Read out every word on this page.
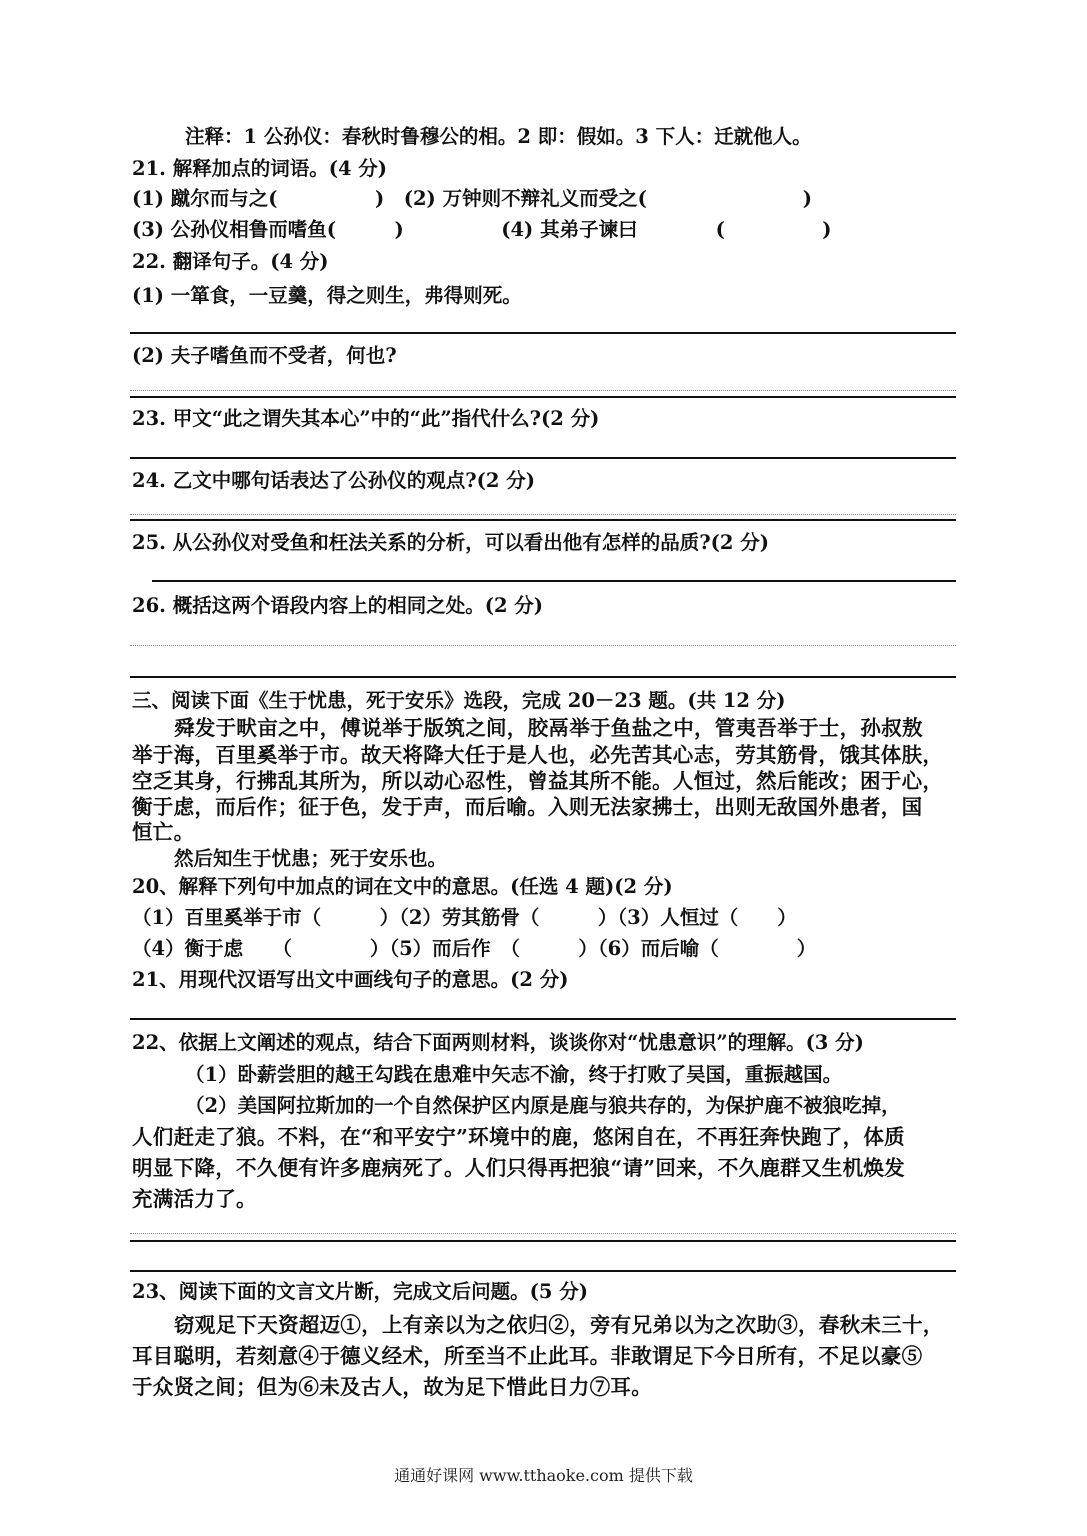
注释：1 公孙仪：春秋时鲁穆公的相。2 即：假如。3 下人：迁就他人。
21. 解释加点的词语。(4 分)
(1) 蹴尔而与之(　　　　　)　(2) 万钟则不辩礼义而受之(　　　　　　　　)
(3) 公孙仪相鲁而嗜鱼(　　　)　　　　　(4) 其弟子谏曰　　　　(　　　　　)
22. 翻译句子。(4 分)
(1) 一箪食，一豆羹，得之则生，弗得则死。
(2) 夫子嗜鱼而不受者，何也?
23. 甲文“此之谓失其本心”中的“此”指代什么?(2 分)
24. 乙文中哪句话表达了公孙仪的观点?(2 分)
25. 从公孙仪对受鱼和枉法关系的分析，可以看出他有怎样的品质?(2 分)
26. 概括这两个语段内容上的相同之处。(2 分)
三、阅读下面《生于忧患，死于安乐》选段，完成 20－23 题。(共 12 分)
舜发于畎亩之中，傅说举于版筑之间，胶鬲举于鱼盐之中，管夷吾举于士，孙叔敖
举于海，百里奚举于市。故天将降大任于是人也，必先苦其心志，劳其筋骨，饿其体肤，
空乏其身，行拂乱其所为，所以动心忍性，曾益其所不能。人恒过，然后能改；困于心，
衡于虑，而后作；征于色，发于声，而后喻。入则无法家拂士，出则无敌国外患者，国
恒亡。
然后知生于忧患；死于安乐也。
20、解释下列句中加点的词在文中的意思。(任选 4 题)(2 分)
（1）百里奚举于市（　　　）（2）劳其筋骨（　　　）（3）人恒过（　　）
（4）衡于虑　　（　　　　）（5）而后作　（　　　）（6）而后喻（　　　　）
21、用现代汉语写出文中画线句子的意思。(2 分)
22、依据上文阐述的观点，结合下面两则材料，谈谈你对“忧患意识”的理解。(3 分)
（1）卧薪尝胆的越王勾践在患难中矢志不渝，终于打败了吴国，重振越国。
（2）美国阿拉斯加的一个自然保护区内原是鹿与狼共存的，为保护鹿不被狼吃掉，
人们赶走了狼。不料，在“和平安宁”环境中的鹿，悠闲自在，不再狂奔快跑了，体质
明显下降，不久便有许多鹿病死了。人们只得再把狼“请”回来，不久鹿群又生机焕发
充满活力了。
23、阅读下面的文言文片断，完成文后问题。(5 分)
窃观足下天资超迈①，上有亲以为之依归②，旁有兄弟以为之次助③，春秋未三十，
耳目聪明，若刻意④于德义经术，所至当不止此耳。非敢谓足下今日所有，不足以豪⑤
于众贤之间；但为⑥未及古人，故为足下惜此日力⑦耳。
通通好课网 www.tthaoke.com 提供下载
